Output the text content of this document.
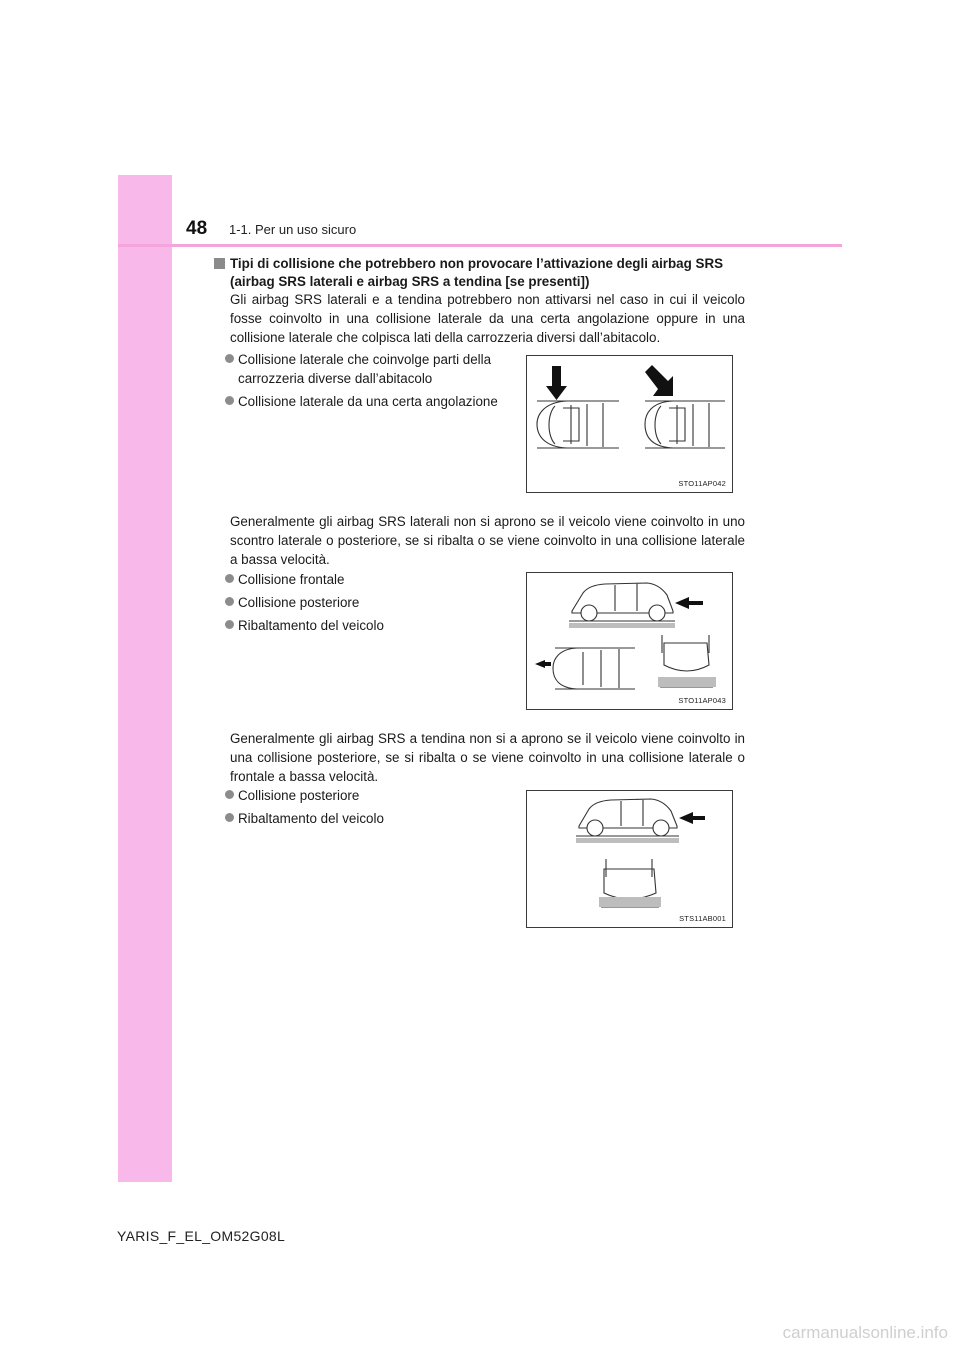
48 1-1. Per un uso sicuro
Tipi di collisione che potrebbero non provocare l’attivazione degli airbag SRS (airbag SRS laterali e airbag SRS a tendina [se presenti])

Gli airbag SRS laterali e a tendina potrebbero non attivarsi nel caso in cui il veicolo fosse coinvolto in una collisione laterale da una certa angolazione oppure in una collisione laterale che colpisca lati della carrozzeria diversi dall’abitacolo.

Collisione laterale che coinvolge parti della carrozzeria diverse dall’abitacolo
Collisione laterale da una certa angolazione
STO11AP042

Generalmente gli airbag SRS laterali non si aprono se il veicolo viene coinvolto in uno scontro laterale o posteriore, se si ribalta o se viene coinvolto in una collisione laterale a bassa velocità.

Collisione frontale
Collisione posteriore
Ribaltamento del veicolo
STO11AP043

Generalmente gli airbag SRS a tendina non si a aprono se il veicolo viene coinvolto in una collisione posteriore, se si ribalta o se viene coinvolto in una collisione laterale o frontale a bassa velocità.

Collisione posteriore
Ribaltamento del veicolo
STS11AB001
YARIS_F_EL_OM52G08L
carmanualsonline.info
